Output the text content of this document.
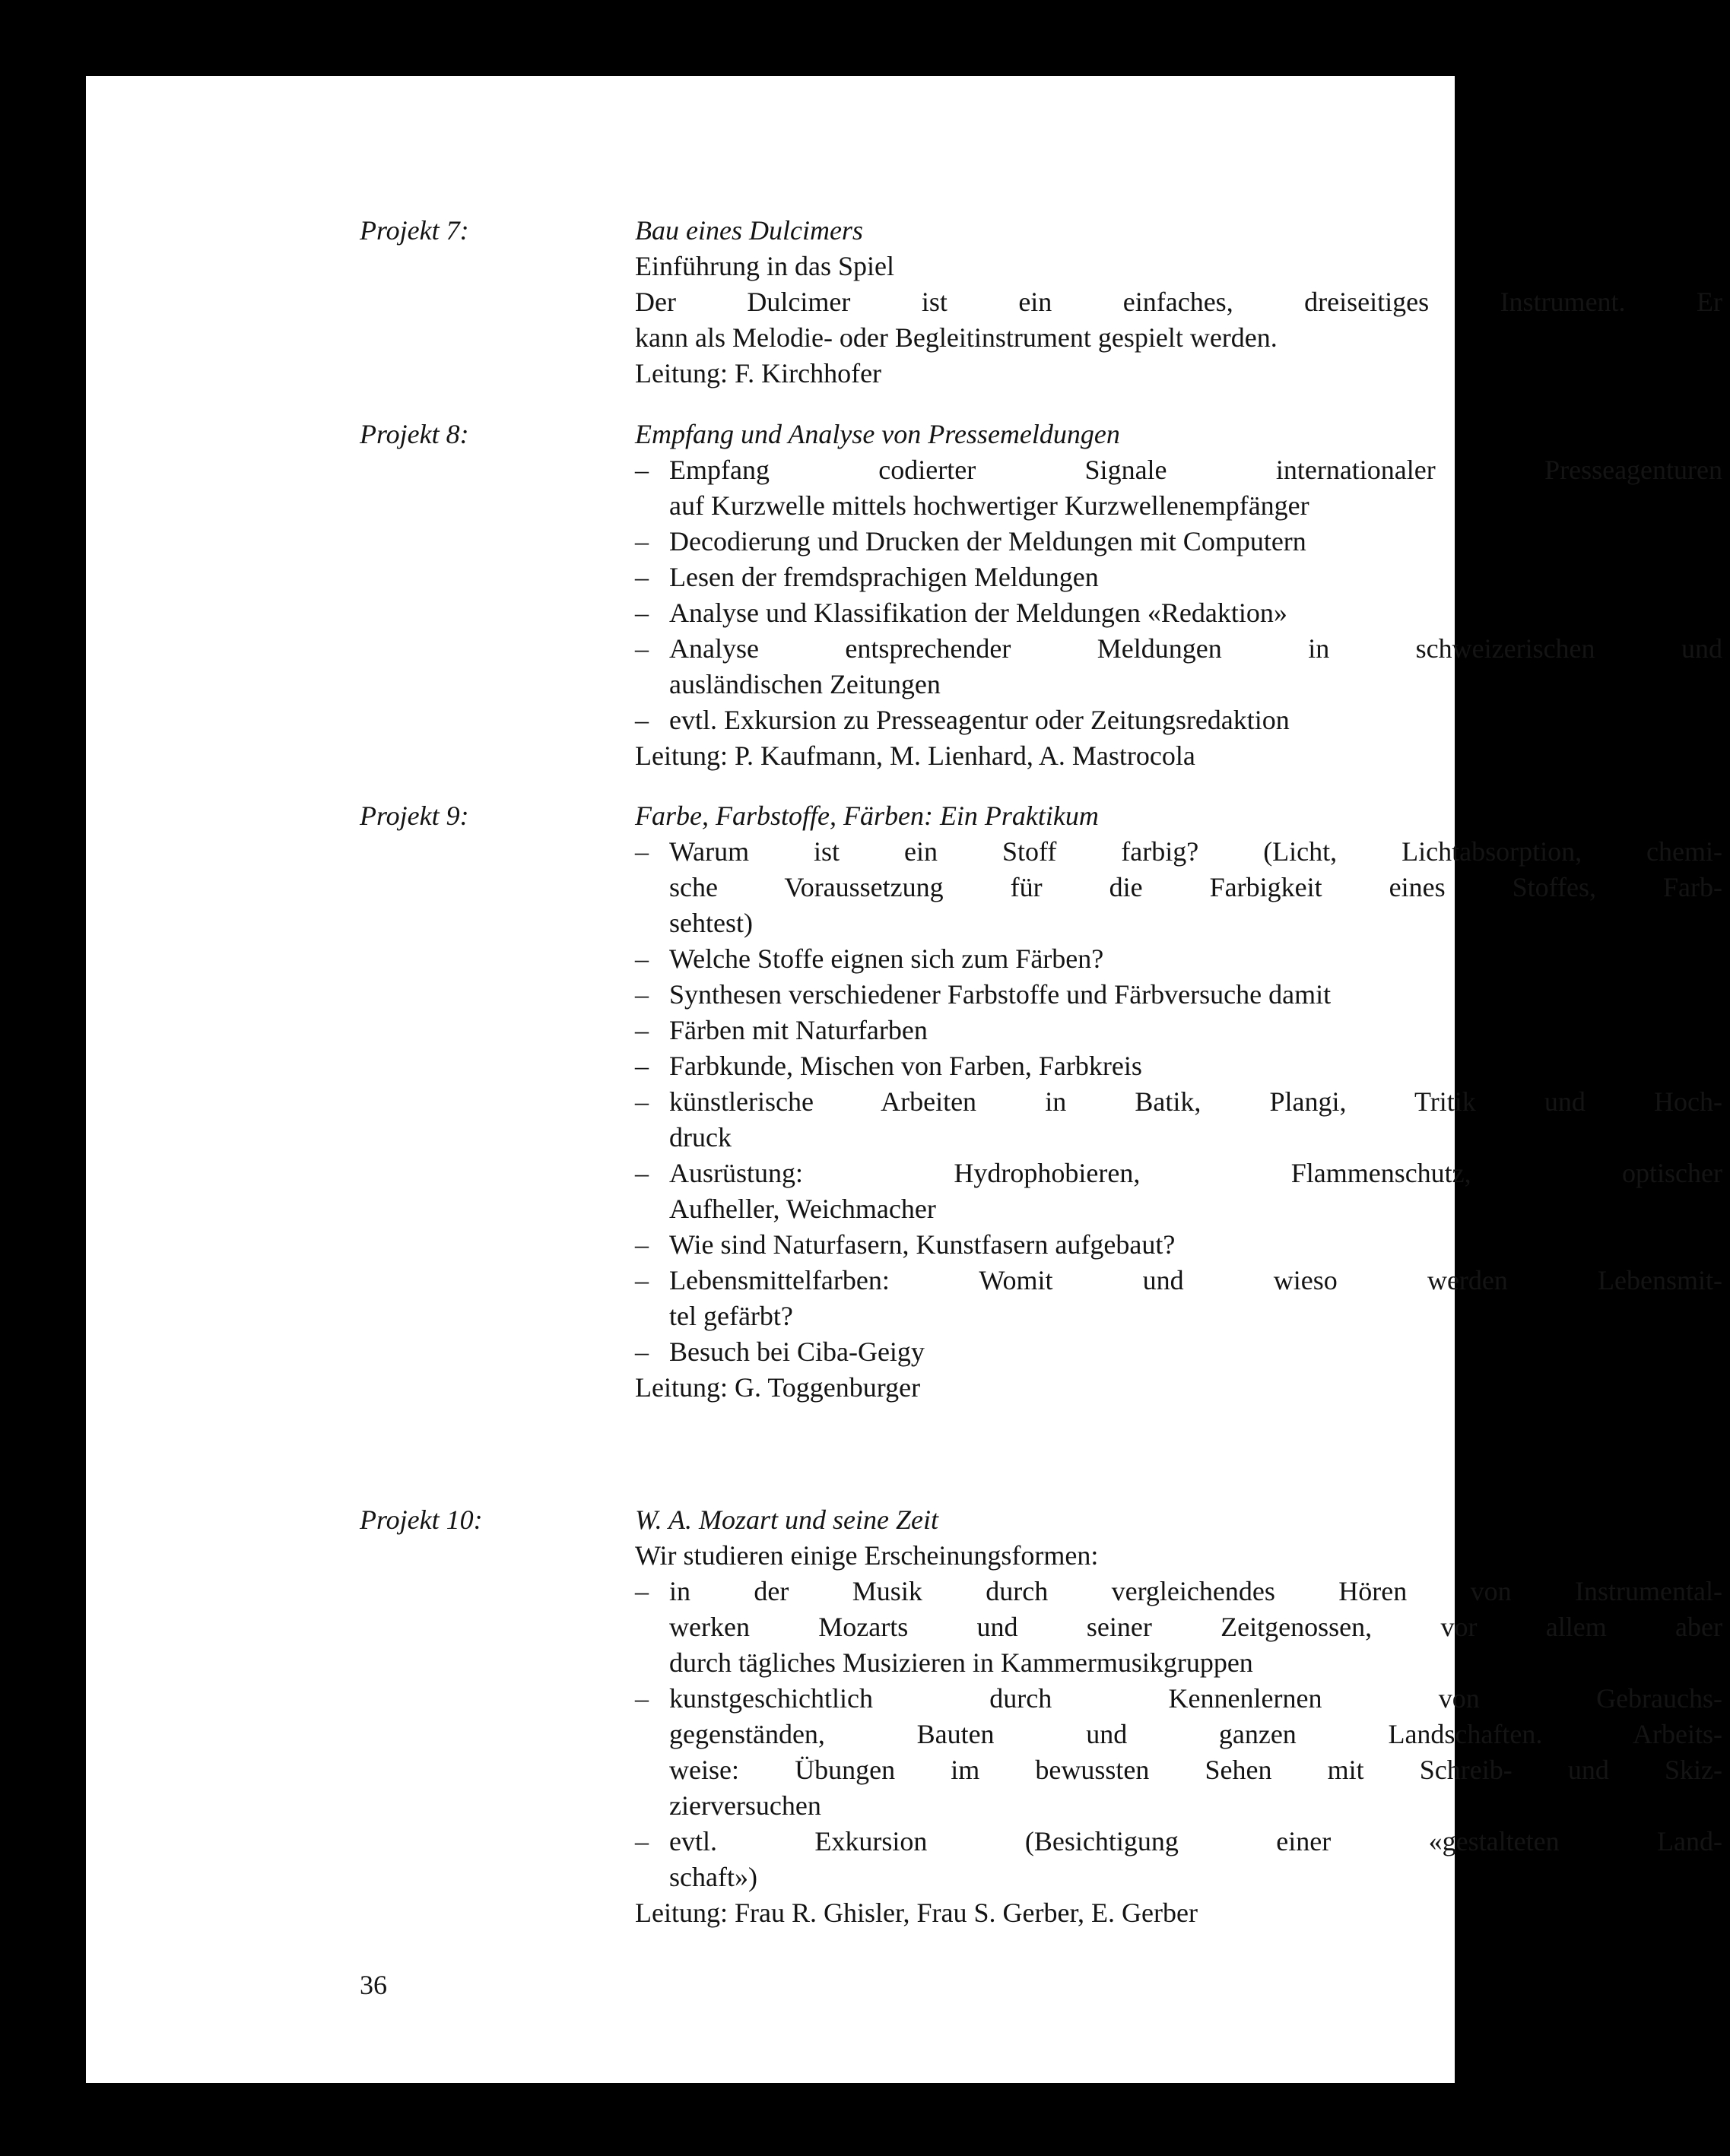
Projekt 7:	Bau eines Dulcimers
Einführung in das Spiel
Der Dulcimer ist ein einfaches, dreiseitiges Instrument. Er
kann als Melodie- oder Begleitinstrument gespielt werden.
Leitung: F. Kirchhofer
Projekt 8:	Empfang und Analyse von Pressemeldungen
– Empfang codierter Signale internationaler Presseagenturen
auf Kurzwelle mittels hochwertiger Kurzwellenempfänger
– Decodierung und Drucken der Meldungen mit Computern
– Lesen der fremdsprachigen Meldungen
– Analyse und Klassifikation der Meldungen «Redaktion»
– Analyse entsprechender Meldungen in schweizerischen und
ausländischen Zeitungen
– evtl. Exkursion zu Presseagentur oder Zeitungsredaktion
Leitung: P. Kaufmann, M. Lienhard, A. Mastrocola
Projekt 9:	Farbe, Farbstoffe, Färben: Ein Praktikum
– Warum ist ein Stoff farbig? (Licht, Lichtabsorption, chemi-
sche Voraussetzung für die Farbigkeit eines Stoffes, Farb-
sehtest)
– Welche Stoffe eignen sich zum Färben?
– Synthesen verschiedener Farbstoffe und Färbversuche damit
– Färben mit Naturfarben
– Farbkunde, Mischen von Farben, Farbkreis
– künstlerische Arbeiten in Batik, Plangi, Tritik und Hoch-
druck
– Ausrüstung: Hydrophobieren, Flammenschutz, optischer
Aufheller, Weichmacher
– Wie sind Naturfasern, Kunstfasern aufgebaut?
– Lebensmittelfarben: Womit und wieso werden Lebensmit-
tel gefärbt?
– Besuch bei Ciba-Geigy
Leitung: G. Toggenburger
Projekt 10:	W. A. Mozart und seine Zeit
Wir studieren einige Erscheinungsformen:
– in der Musik durch vergleichendes Hören von Instrumental-
werken Mozarts und seiner Zeitgenossen, vor allem aber
durch tägliches Musizieren in Kammermusikgruppen
– kunstgeschichtlich durch Kennenlernen von Gebrauchs-
gegenständen, Bauten und ganzen Landschaften. Arbeits-
weise: Übungen im bewussten Sehen mit Schreib- und Skiz-
zierversuchen
– evtl. Exkursion (Besichtigung einer «gestalteten Land-
schaft»)
Leitung: Frau R. Ghisler, Frau S. Gerber, E. Gerber
36
